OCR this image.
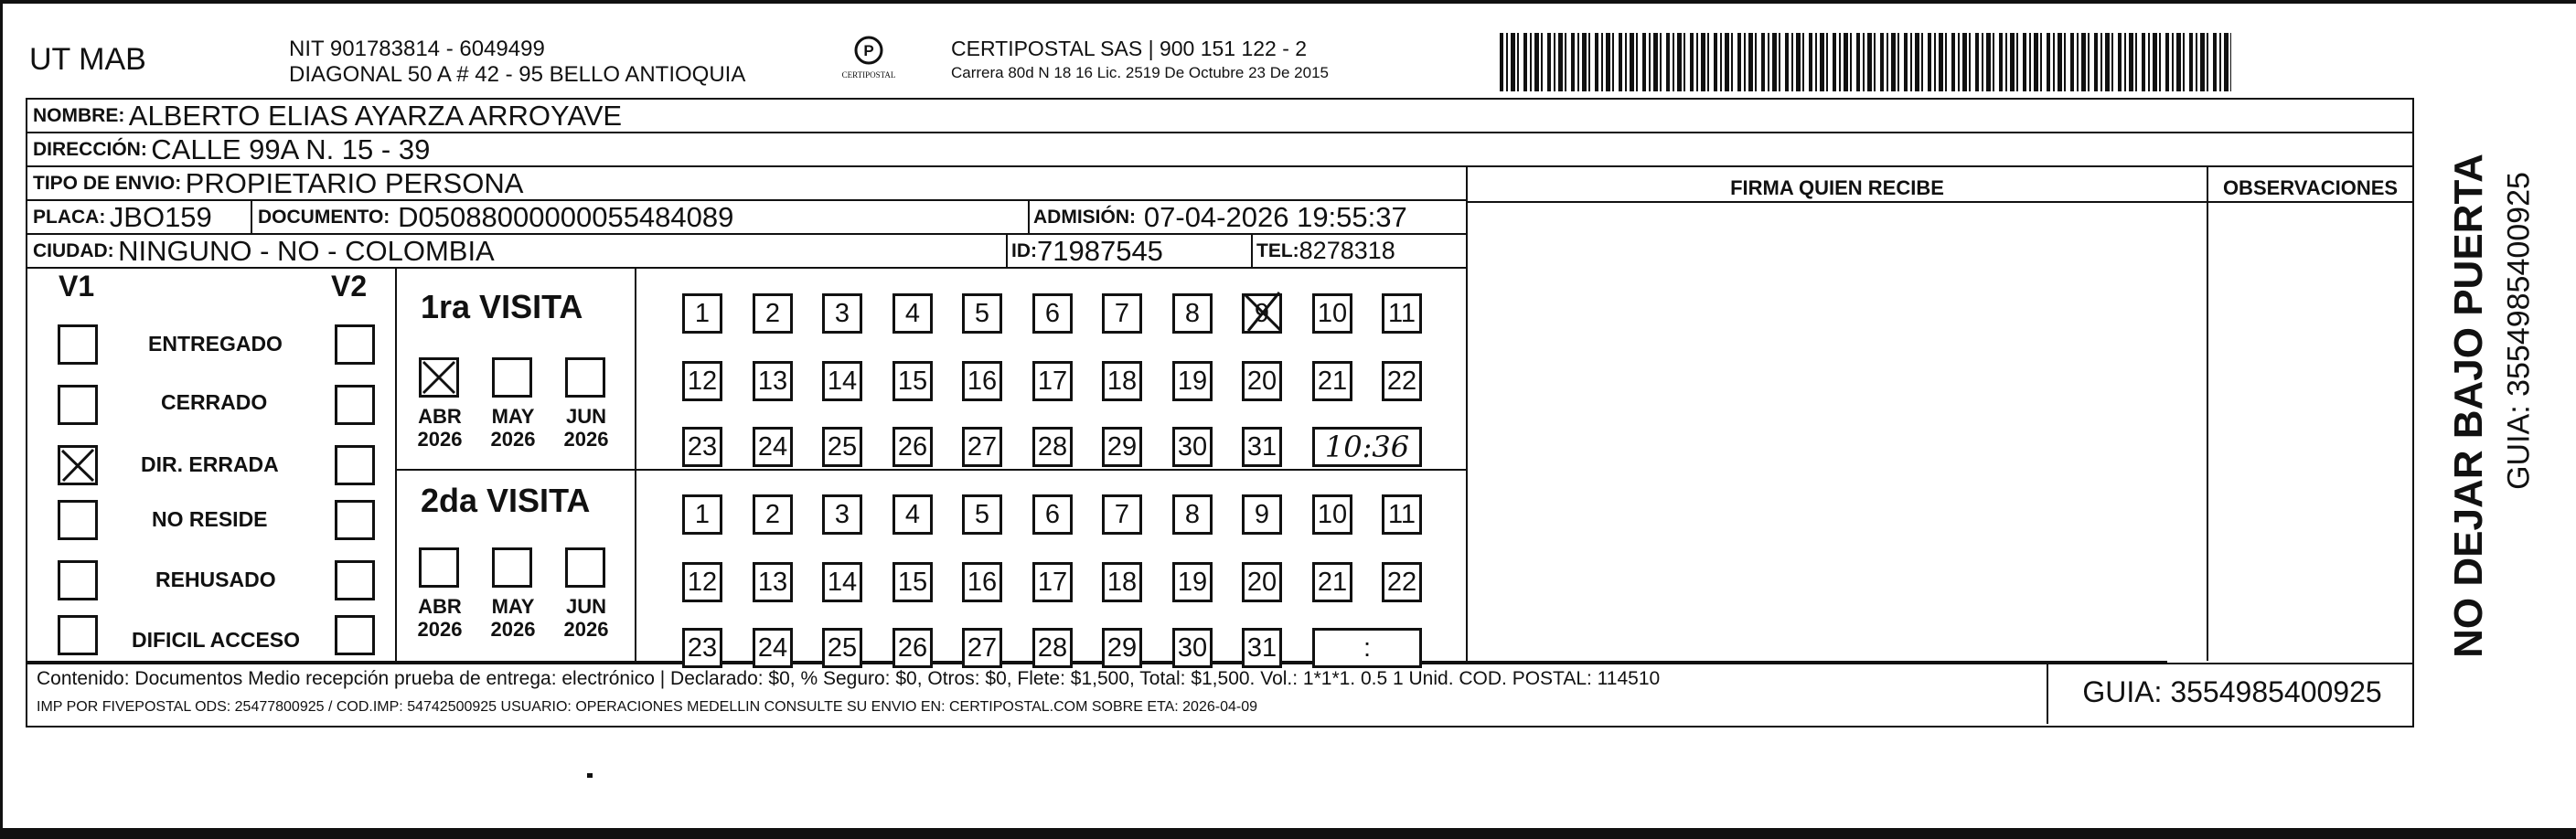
UT MAB	NIT 901783814 - 6049499
DIAGONAL 50 A # 42 - 95 BELLO ANTIOQUIA
P
CERTIPOSTAL
CERTIPOSTAL SAS | 900 151 122 - 2
Carrera 80d N 18 16 Lic. 2519 De Octubre 23 De 2015
NOMBRE:
ALBERTO ELIAS AYARZA ARROYAVE
DIRECCIÓN:
CALLE 99A N. 15 - 39
TIPO DE ENVIO:
PROPIETARIO PERSONA
PLACA:
JBO159 DOCUMENTO:
D05088000000055484089	ADMISIÓN:
07-04-2026 19:55:37
CIUDAD:
NINGUNO - NO - COLOMBIA	ID: 71987545	TEL: 8278318
FIRMA QUIEN RECIBE	OBSERVACIONES
V1	V2
ENTREGADO
CERRADO
DIR. ERRADA
NO RESIDE
REHUSADO
DIFICIL ACCESO
1ra VISITA
ABR
2026
MAY
2026
JUN
2026
2da VISITA
ABR
2026
MAY
2026
JUN
2026
1 2 3 4 5 6 7 8 9 10 11
12 13 14 15 16 17 18 19 20 21 22
23 24 25 26 27 28 29 30 31 10:36
1 2 3 4 5 6 7 8 9 10 11
12 13 14 15 16 17 18 19 20 21 22
23 24 25 26 27 28 29 30 31	:
Contenido: Documentos Medio recepción prueba de entrega: electrónico | Declarado: $0, % Seguro: $0, Otros: $0, Flete: $1,500, Total: $1,500. Vol.: 1*1*1. 0.5 1 Unid. COD. POSTAL: 114510
IMP POR FIVEPOSTAL ODS: 25477800925 / COD.IMP: 54742500925 USUARIO: OPERACIONES MEDELLIN CONSULTE SU ENVIO EN: CERTIPOSTAL.COM SOBRE ETA: 2026-04-09	GUIA: 3554985400925
NO DEJAR BAJO PUERTA GUIA: 3554985400925
